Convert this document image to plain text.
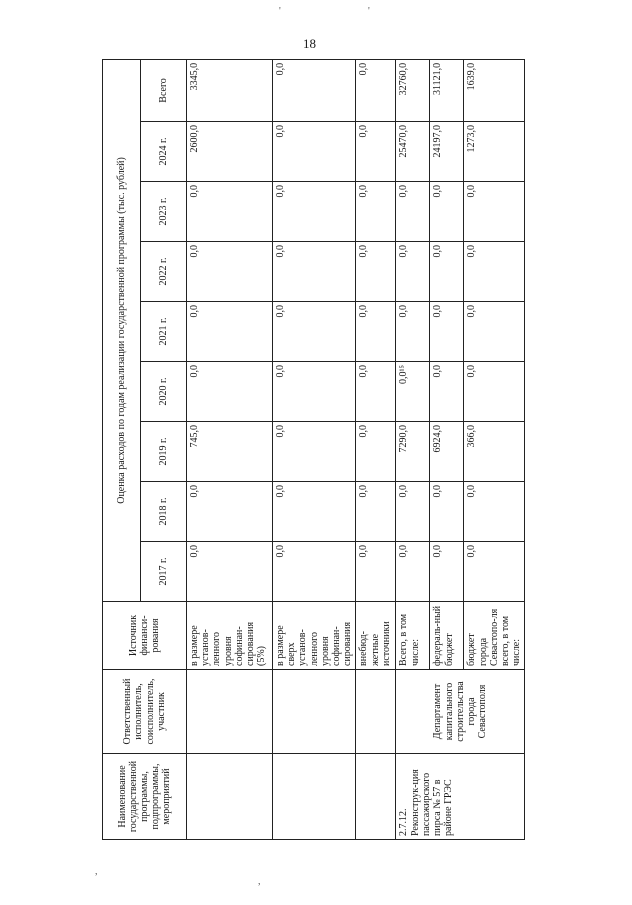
18
'	'
,
,
Наименование государственной программы, подпрограммы, мероприятий	Ответственный исполнитель, соисполнитель, участник	Источник финанси-рования	Оценка расходов по годам реализации государственной программы (тыс. рублей)								
			2017 г.	2018 г.	2019 г.	2020 г.	2021 г.	2022 г.	2023 г.	2024 г.	Всего
		в размере установ-ленного уровня софинан-сирования (5%)	0,0	0,0	745,0	0,0	0,0	0,0	0,0	2600,0	3345,0
		в размере сверх установ-ленного уровня софинан-сирования	0,0	0,0	0,0	0,0	0,0	0,0	0,0	0,0	0,0
		внебюд-жетные источники	0,0	0,0	0,0	0,0	0,0	0,0	0,0	0,0	0,0
2.7.12. Реконструк-ция пассажирского пирса № 57 в районе ГРЭС	Департамент капитального строительства города Севастополя	Всего, в том числе:	0,0	0,0	7290,0	0,0¹⁵	0,0	0,0	0,0	25470,0	32760,0
		федераль-ный бюджет	0,0	0,0	6924,0	0,0	0,0	0,0	0,0	24197,0	31121,0
		бюджет города Севастопо-ля всего, в том числе:	0,0	0,0	366,0	0,0	0,0	0,0	0,0	1273,0	1639,0
